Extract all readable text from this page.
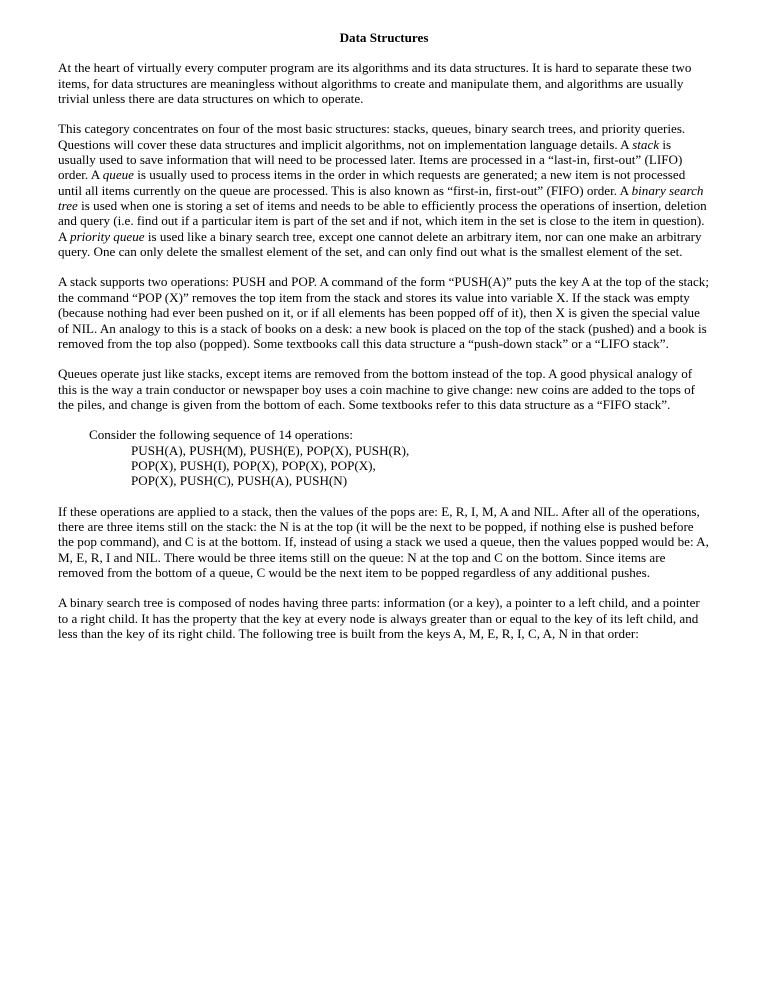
Data Structures

At the heart of virtually every computer program are its algorithms and its data structures. It is hard to separate these two items, for data structures are meaningless without algorithms to create and manipulate them, and algorithms are usually trivial unless there are data structures on which to operate.

This category concentrates on four of the most basic structures: stacks, queues, binary search trees, and priority queries. Questions will cover these data structures and implicit algorithms, not on implementation language details. A stack is usually used to save information that will need to be processed later. Items are processed in a “last-in, first-out” (LIFO) order. A queue is usually used to process items in the order in which requests are generated; a new item is not processed until all items currently on the queue are processed. This is also known as “first-in, first-out” (FIFO) order. A binary search tree is used when one is storing a set of items and needs to be able to efficiently process the operations of insertion, deletion and query (i.e. find out if a particular item is part of the set and if not, which item in the set is close to the item in question). A priority queue is used like a binary search tree, except one cannot delete an arbitrary item, nor can one make an arbitrary query. One can only delete the smallest element of the set, and can only find out what is the smallest element of the set.

A stack supports two operations: PUSH and POP. A command of the form “PUSH(A)” puts the key A at the top of the stack; the command “POP (X)” removes the top item from the stack and stores its value into variable X. If the stack was empty (because nothing had ever been pushed on it, or if all elements has been popped off of it), then X is given the special value of NIL. An analogy to this is a stack of books on a desk: a new book is placed on the top of the stack (pushed) and a book is removed from the top also (popped). Some textbooks call this data structure a “push-down stack” or a “LIFO stack”.

Queues operate just like stacks, except items are removed from the bottom instead of the top. A good physical analogy of this is the way a train conductor or newspaper boy uses a coin machine to give change: new coins are added to the tops of the piles, and change is given from the bottom of each. Some textbooks refer to this data structure as a “FIFO stack”.

Consider the following sequence of 14 operations:
PUSH(A), PUSH(M), PUSH(E), POP(X), PUSH(R),
POP(X), PUSH(I), POP(X), POP(X), POP(X),
POP(X), PUSH(C), PUSH(A), PUSH(N)

If these operations are applied to a stack, then the values of the pops are: E, R, I, M, A and NIL. After all of the operations, there are three items still on the stack: the N is at the top (it will be the next to be popped, if nothing else is pushed before the pop command), and C is at the bottom. If, instead of using a stack we used a queue, then the values popped would be: A, M, E, R, I and NIL. There would be three items still on the queue: N at the top and C on the bottom. Since items are removed from the bottom of a queue, C would be the next item to be popped regardless of any additional pushes.

A binary search tree is composed of nodes having three parts: information (or a key), a pointer to a left child, and a pointer to a right child. It has the property that the key at every node is always greater than or equal to the key of its left child, and less than the key of its right child. The following tree is built from the keys A, M, E, R, I, C, A, N in that order:
